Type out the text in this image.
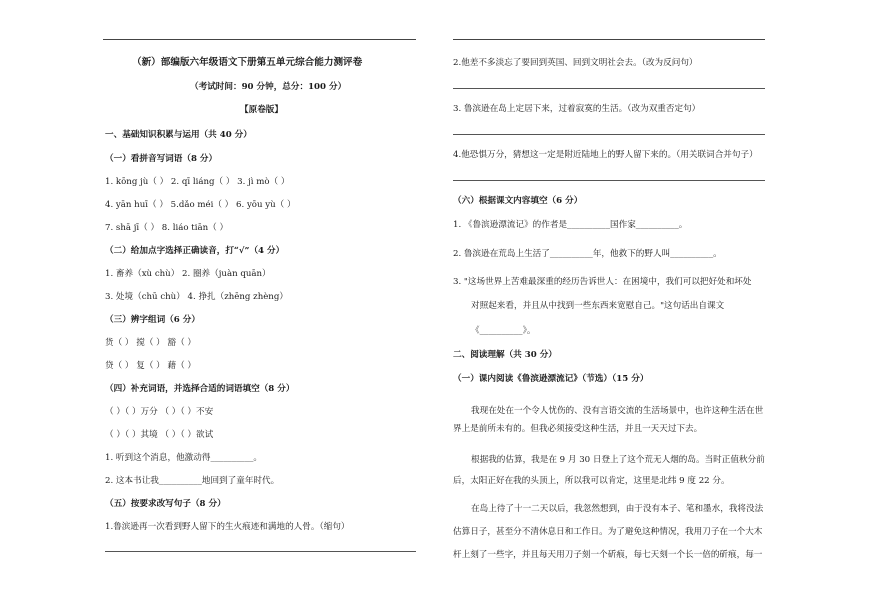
（新）部编版六年级语文下册第五单元综合能力测评卷
（考试时间：90 分钟，总分：100 分）
【原卷版】
一、基础知识积累与运用（共 40 分）
（一）看拼音写词语（8 分）
1. kōng jù（ ） 2. qī liáng（ ） 3. jì mò（ ）
4. yān huī（ ） 5.dǎo méi（ ） 6. yōu yù（ ）
7. shā jī（ ） 8. liáo tiān（ ）
（二）给加点字选择正确读音，打“√”（4 分）
1. 畜养（xù chù） 2. 圈养（juàn quān）
3. 处境（chū chù） 4. 挣扎（zhēng zhèng）
（三）辨字组词（6 分）
货（ ） 搅（ ） 豁（ ）
贷（ ） 复（ ） 藉（ ）
（四）补充词语，并选择合适的词语填空（8 分）
（ ）（ ）万分 （ ）（ ）不安
（ ）（ ）其境 （ ）（ ）欲试
1. 听到这个消息，他激动得__________。
2. 这本书让我__________地回到了童年时代。
（五）按要求改写句子（8 分）
1.鲁滨逊再一次看到野人留下的生火痕迹和满地的人骨。（缩句）
2.他差不多淡忘了要回到英国、回到文明社会去。（改为反问句）
3. 鲁滨逊在岛上定居下来，过着寂寞的生活。（改为双重否定句）
4.他恐惧万分，猜想这一定是附近陆地上的野人留下来的。（用关联词合并句子）
（六）根据课文内容填空（6 分）
1. 《鲁滨逊漂流记》的作者是__________国作家__________。
2. 鲁滨逊在荒岛上生活了__________年，他救下的野人叫__________。
3. "这场世界上苦难最深重的经历告诉世人：在困境中，我们可以把好处和坏处
对照起来看，并且从中找到一些东西来宽慰自己。"这句话出自课文
《__________》。
二、阅读理解（共 30 分）
（一）课内阅读《鲁滨逊漂流记》（节选）（15 分）
我现在处在一个令人忧伤的、没有言语交流的生活场景中，也许这种生活在世
界上是前所未有的。但我必须接受这种生活，并且一天天过下去。
根据我的估算，我是在 9 月 30 日登上了这个荒无人烟的岛。当时正值秋分前
后，太阳正好在我的头顶上，所以我可以肯定，这里是北纬 9 度 22 分。
在岛上待了十一二天以后，我忽然想到，由于没有本子、笔和墨水，我将没法
估算日子，甚至分不清休息日和工作日。为了避免这种情况，我用刀子在一个大木
杆上刻了一些字，并且每天用刀子刻一个斫痕，每七天刻一个长一倍的斫痕，每一
